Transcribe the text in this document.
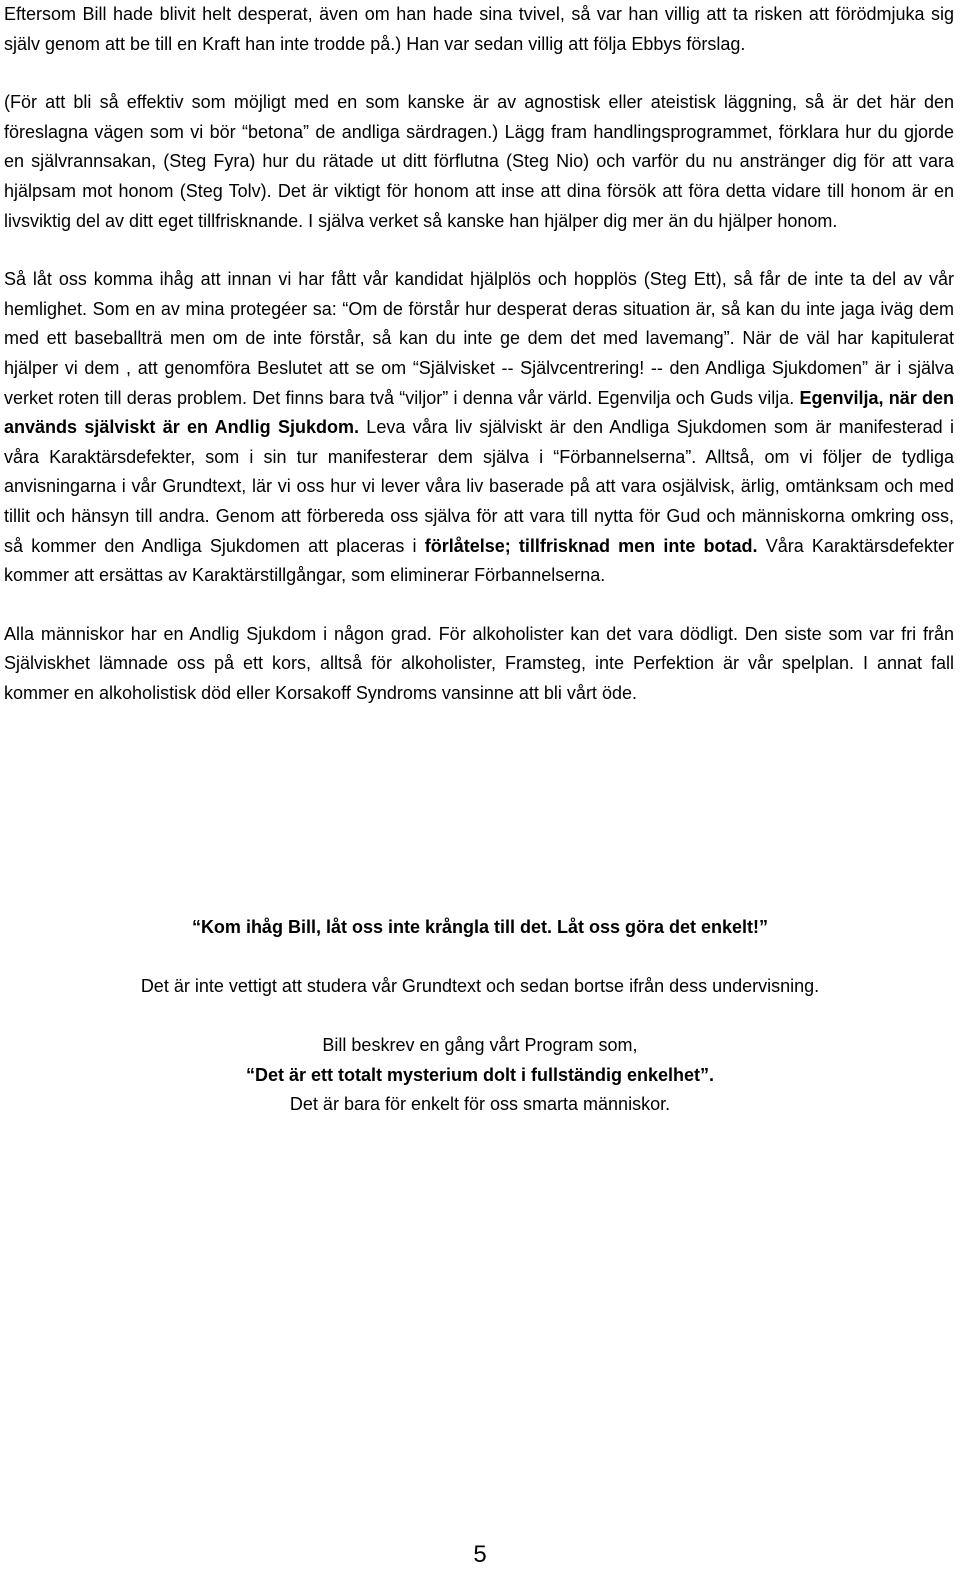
Eftersom Bill hade blivit helt desperat, även om han hade sina tvivel, så var han villig att ta risken att förödmjuka sig själv genom att be till en Kraft han inte trodde på.) Han var sedan villig att följa Ebbys förslag.

(För att bli så effektiv som möjligt med en som kanske är av agnostisk eller ateistisk läggning, så är det här den föreslagna vägen som vi bör “betona” de andliga särdragen.) Lägg fram handlingsprogrammet, förklara hur du gjorde en självrannsakan, (Steg Fyra) hur du rätade ut ditt förflutna (Steg Nio) och varför du nu anstränger dig för att vara hjälpsam mot honom (Steg Tolv). Det är viktigt för honom att inse att dina försök att föra detta vidare till honom är en livsviktig del av ditt eget tillfrisknande. I själva verket så kanske han hjälper dig mer än du hjälper honom.

Så låt oss komma ihåg att innan vi har fått vår kandidat hjälplös och hopplös (Steg Ett), så får de inte ta del av vår hemlighet. Som en av mina protegéer sa: “Om de förstår hur desperat deras situation är, så kan du inte jaga iväg dem med ett baseballträ men om de inte förstår, så kan du inte ge dem det med lavemang”. När de väl har kapitulerat hjälper vi dem , att genomföra Beslutet att se om “Självisket -- Självcentrering! -- den Andliga Sjukdomen” är i själva verket roten till deras problem. Det finns bara två “viljor” i denna vår värld. Egenvilja och Guds vilja. Egenvilja, när den används själviskt är en Andlig Sjukdom. Leva våra liv själviskt är den Andliga Sjukdomen som är manifesterad i våra Karaktärsdefekter, som i sin tur manifesterar dem själva i “Förbannelserna”. Alltså, om vi följer de tydliga anvisningarna i vår Grundtext, lär vi oss hur vi lever våra liv baserade på att vara osjälvisk, ärlig, omtänksam och med tillit och hänsyn till andra. Genom att förbereda oss själva för att vara till nytta för Gud och människorna omkring oss, så kommer den Andliga Sjukdomen att placeras i förlåtelse; tillfrisknad men inte botad. Våra Karaktärsdefekter kommer att ersättas av Karaktärstillgångar, som eliminerar Förbannelserna.

Alla människor har en Andlig Sjukdom i någon grad. För alkoholister kan det vara dödligt. Den siste som var fri från Själviskhet lämnade oss på ett kors, alltså för alkoholister, Framsteg, inte Perfektion är vår spelplan. I annat fall kommer en alkoholistisk död eller Korsakoff Syndroms vansinne att bli vårt öde.

“Kom ihåg Bill, låt oss inte krångla till det. Låt oss göra det enkelt!”
Det är inte vettigt att studera vår Grundtext och sedan bortse ifrån dess undervisning.
Bill beskrev en gång vårt Program som,
“Det är ett totalt mysterium dolt i fullständig enkelhet”.
Det är bara för enkelt för oss smarta människor.
5
